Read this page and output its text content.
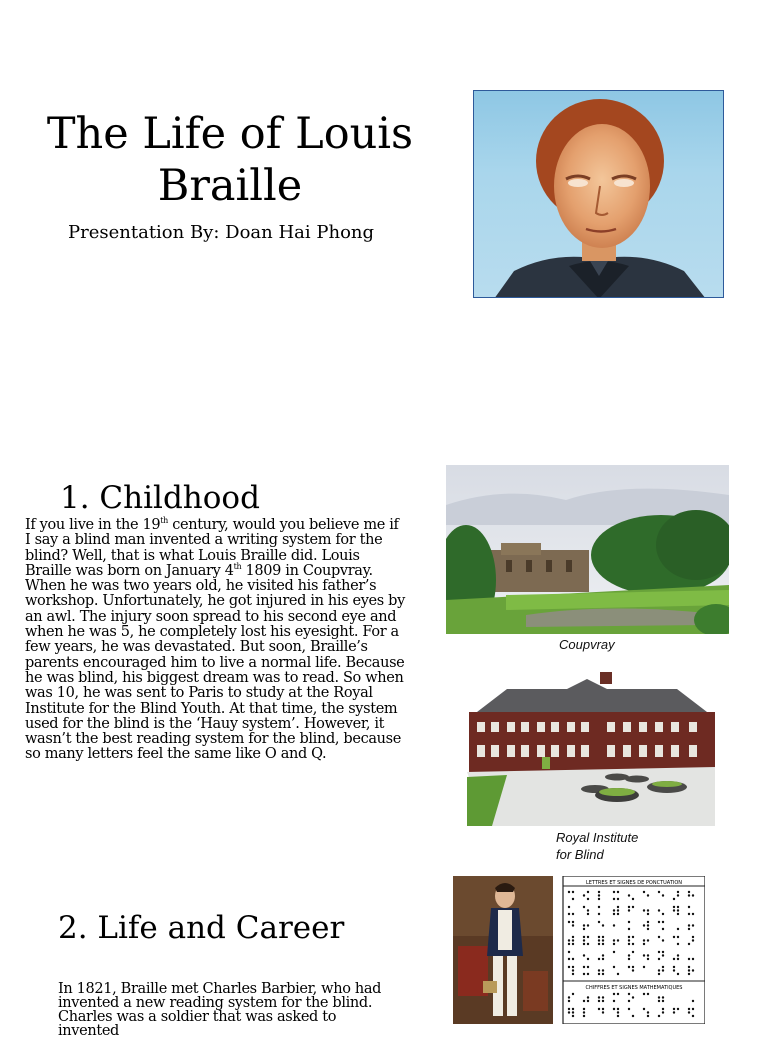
The Life of Louis
Braille
Presentation By: Doan Hai Phong
1. Childhood
If you live in the 19th century, would you believe me if
I say a blind man invented a writing system for the
blind? Well, that is what Louis Braille did. Louis
Braille was born on January 4th 1809 in Coupvray.
When he was two years old, he visited his father’s
workshop. Unfortunately, he got injured in his eyes by
an awl. The injury soon spread to his second eye and
when he was 5, he completely lost his eyesight. For a
few years, he was devastated. But soon, Braille’s
parents encouraged him to live a normal life. Because
he was blind, his biggest dream was to read. So when
was 10, he was sent to Paris to study at the Royal
Institute for the Blind Youth. At that time, the system
used for the blind is the ‘Hauy system’. However, it
wasn’t the best reading system for the blind, because
so many letters feel the same like O and Q.
Coupvray
Royal Institute
for Blind
2. Life and Career
In 1821, Braille met Charles Barbier, who had
invented a new reading system for the blind.
Charles was a soldier that was asked to
invented
LETTRES ET SIGNES DE PONCTUATION
CHIFFRES ET SIGNES MATHEMATIQUES
